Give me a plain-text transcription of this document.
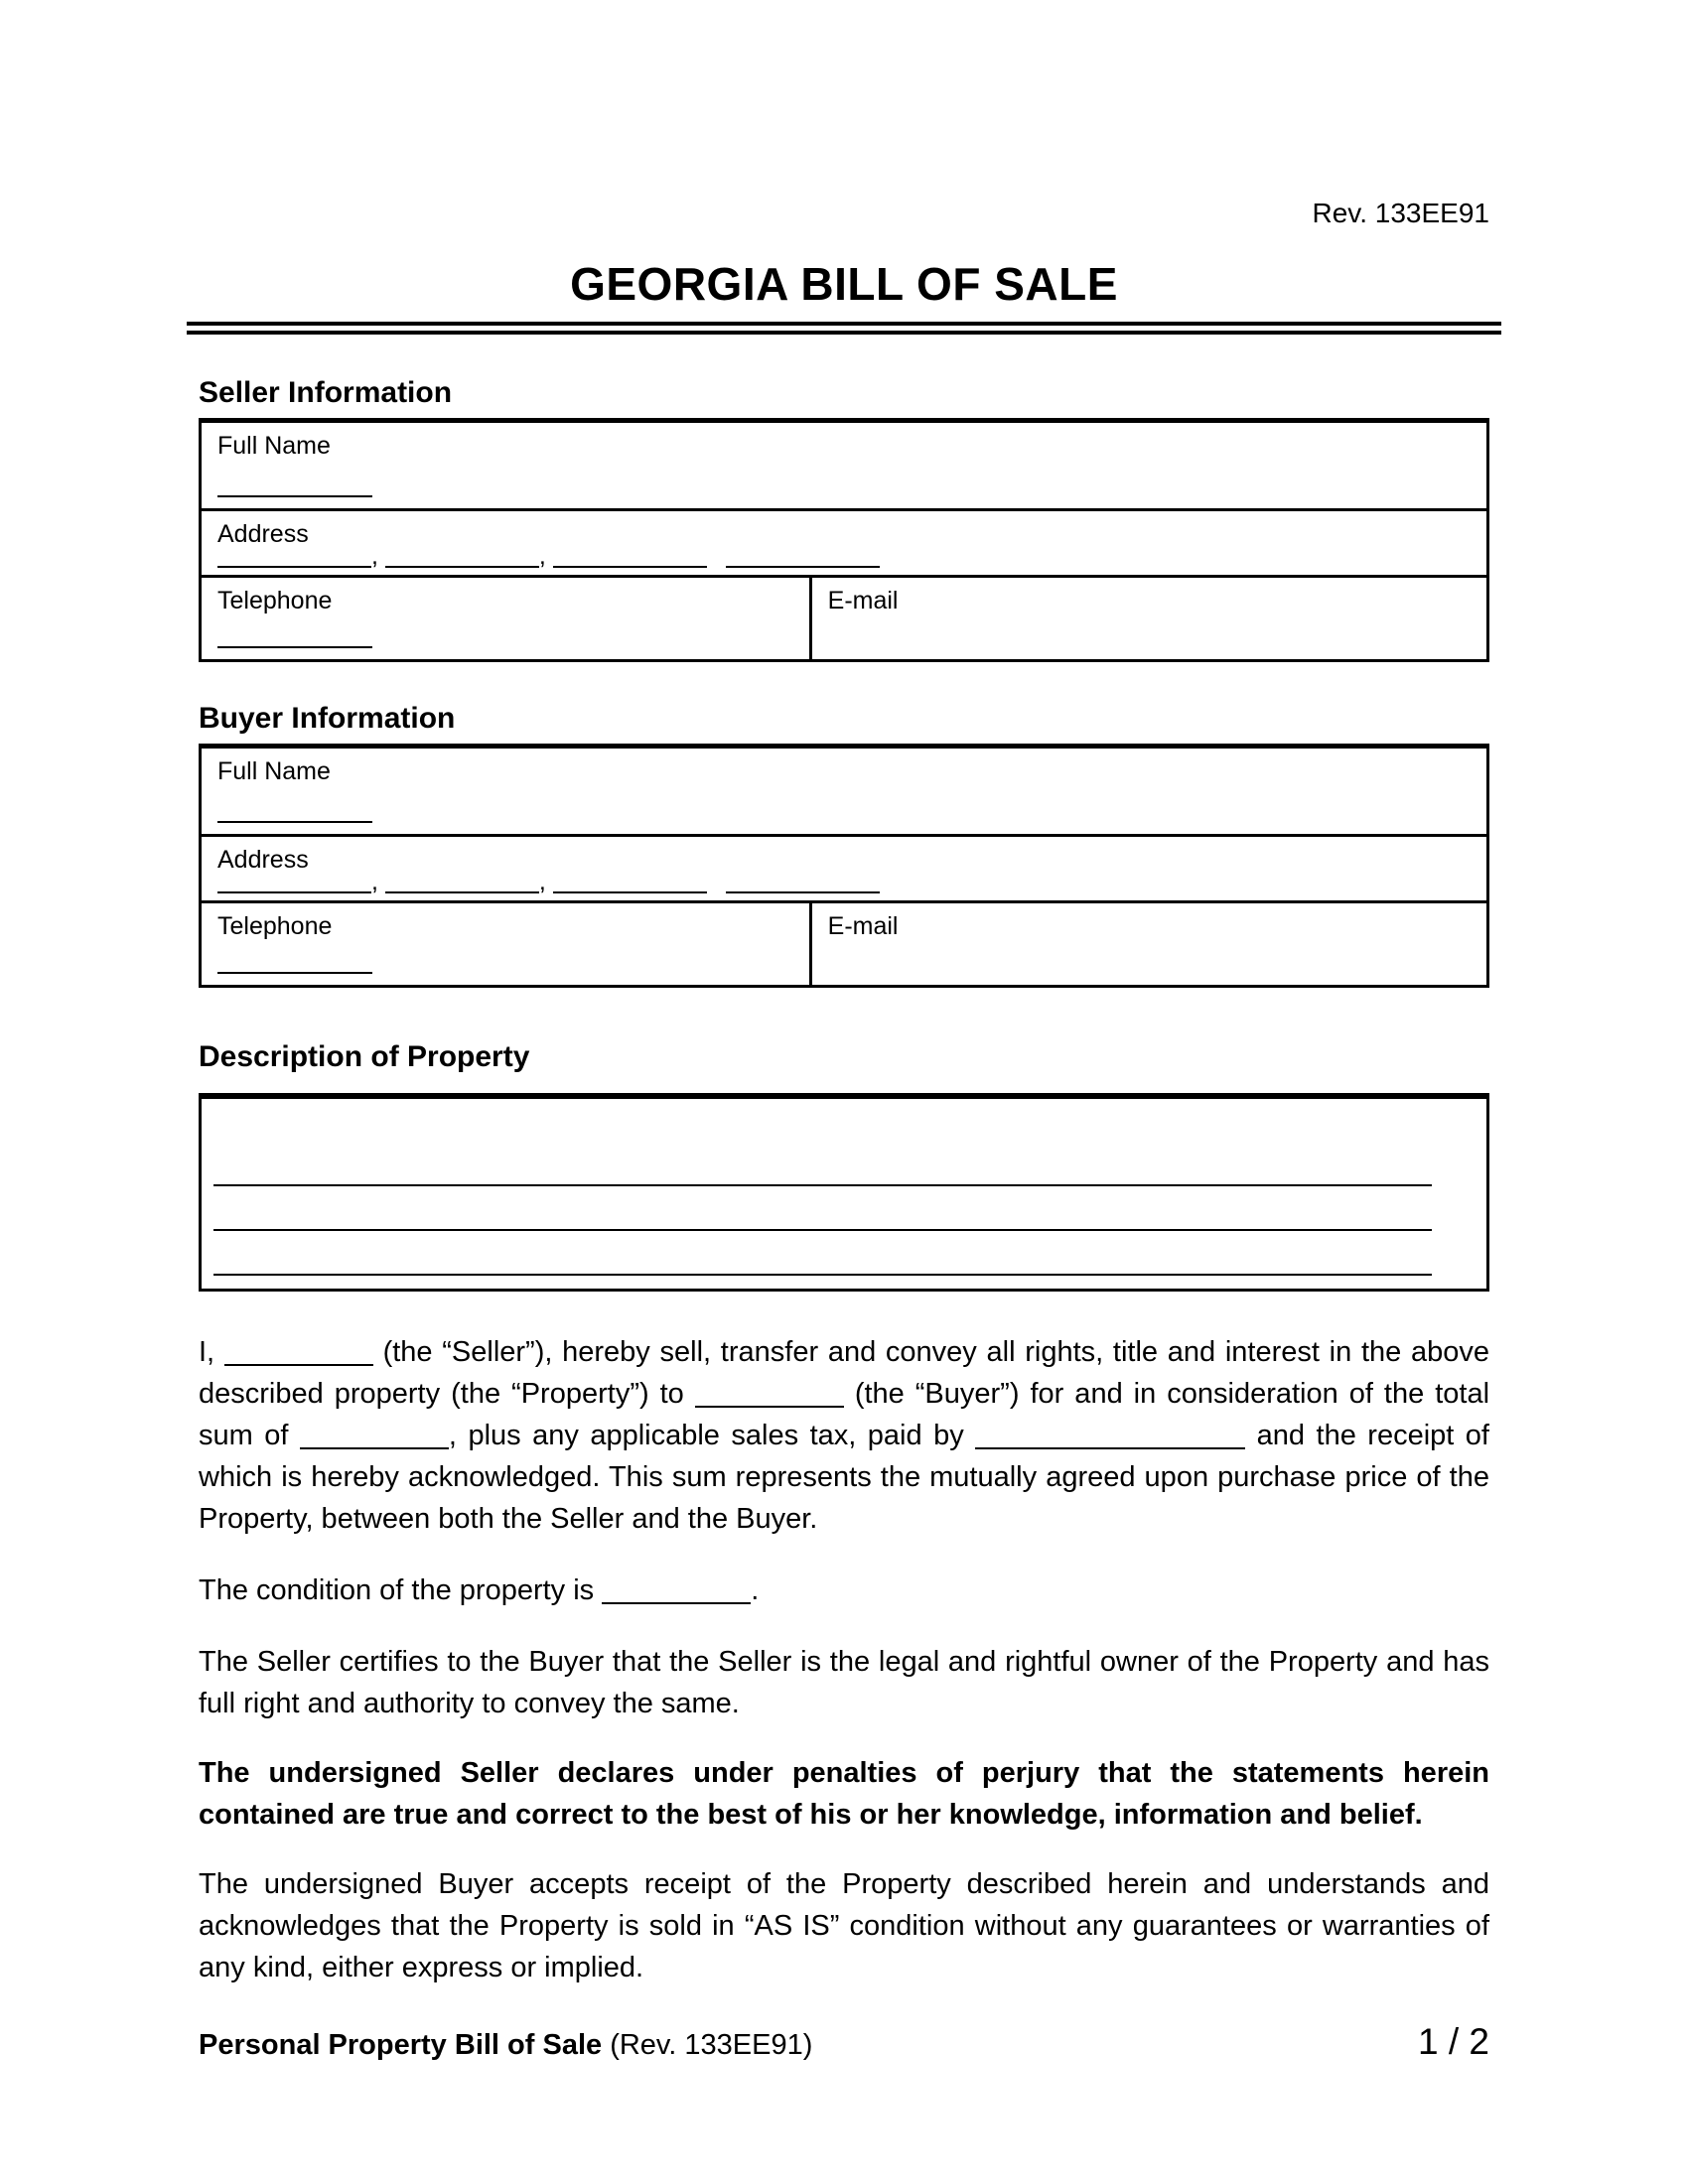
Rev. 133EE91
GEORGIA BILL OF SALE
Seller Information
Full Name
Address
,	,
Telephone	E-mail
Buyer Information
Full Name
Address
,	,
Telephone	E-mail
Description of Property

I,	(the “Seller”), hereby sell, transfer and convey all rights, title and interest in the above described property (the “Property”) to	(the “Buyer”) for and in consideration of the total sum of	, plus any applicable sales tax, paid by	and the receipt of which is hereby acknowledged. This sum represents the mutually agreed upon purchase price of the Property, between both the Seller and the Buyer.

The condition of the property is	.

The Seller certifies to the Buyer that the Seller is the legal and rightful owner of the Property and has full right and authority to convey the same.

The undersigned Seller declares under penalties of perjury that the statements herein contained are true and correct to the best of his or her knowledge, information and belief.

The undersigned Buyer accepts receipt of the Property described herein and understands and acknowledges that the Property is sold in “AS IS” condition without any guarantees or warranties of any kind, either express or implied.

Personal Property Bill of Sale (Rev. 133EE91)	1 / 2
